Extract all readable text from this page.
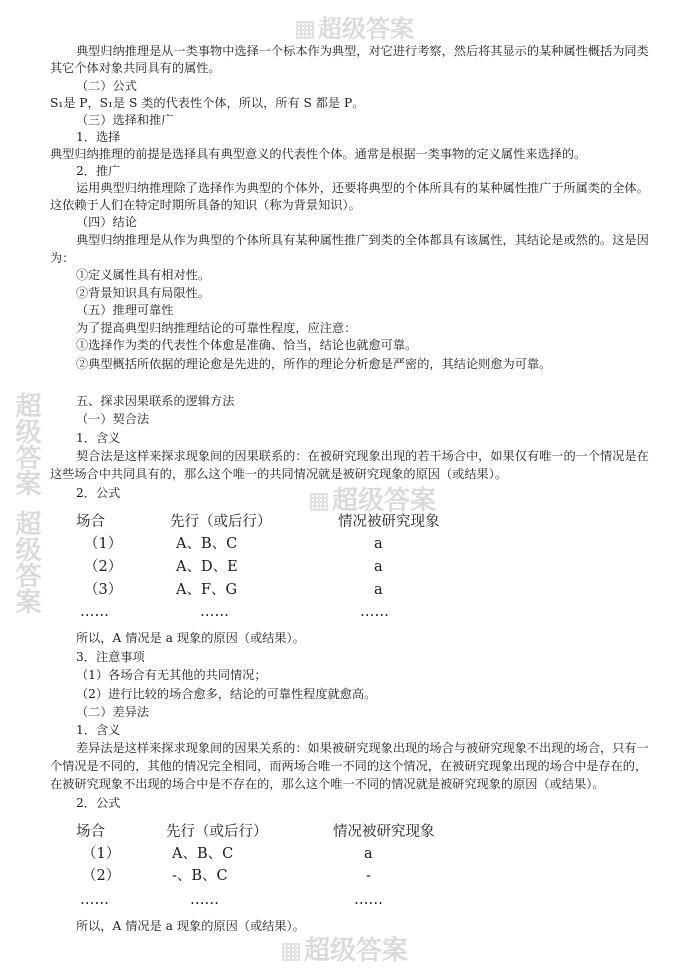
超级答案
超级答案
超级答案
超级答案
超级答案
典型归纳推理是从一类事物中选择一个标本作为典型，对它进行考察，然后将其显示的某种属性概括为同类
其它个体对象共同具有的属性。
（二）公式
S₁是 P，S₁是 S 类的代表性个体，所以，所有 S 都是 P。
（三）选择和推广
1．选择
典型归纳推理的前提是选择具有典型意义的代表性个体。通常是根据一类事物的定义属性来选择的。
2．推广
运用典型归纳推理除了选择作为典型的个体外，还要将典型的个体所具有的某种属性推广于所属类的全体。
这依赖于人们在特定时期所具备的知识（称为背景知识）。
（四）结论
典型归纳推理是从作为典型的个体所具有某种属性推广到类的全体都具有该属性，其结论是或然的。这是因
为：
①定义属性具有相对性。
②背景知识具有局限性。
（五）推理可靠性
为了提高典型归纳推理结论的可靠性程度，应注意：
①选择作为类的代表性个体愈是准确、恰当，结论也就愈可靠。
②典型概括所依据的理论愈是先进的，所作的理论分析愈是严密的，其结论则愈为可靠。
五、探求因果联系的逻辑方法
（一）契合法
1．含义
契合法是这样来探求现象间的因果联系的：在被研究现象出现的若干场合中，如果仅有唯一的一个情况是在
这些场合中共同具有的，那么这个唯一的共同情况就是被研究现象的原因（或结果）。
2．公式
场合	先行（或后行）	情况被研究现象
（1）	A、B、C	a
（2）	A、D、E	a
（3）	A、F、G	a
……	……	……
所以，A 情况是 a 现象的原因（或结果）。
3．注意事项
（1）各场合有无其他的共同情况；
（2）进行比较的场合愈多，结论的可靠性程度就愈高。
（二）差异法
1．含义
差异法是这样来探求现象间的因果关系的：如果被研究现象出现的场合与被研究现象不出现的场合，只有一
个情况是不同的，其他的情况完全相同，而两场合唯一不同的这个情况，在被研究现象出现的场合中是存在的，
在被研究现象不出现的场合中是不存在的，那么这个唯一不同的情况就是被研究现象的原因（或结果）。
2．公式
场合	先行（或后行）	情况被研究现象
（1）	A、B、C	a
（2）	-、B、C	-
……	……	……
所以，A 情况是 a 现象的原因（或结果）。
